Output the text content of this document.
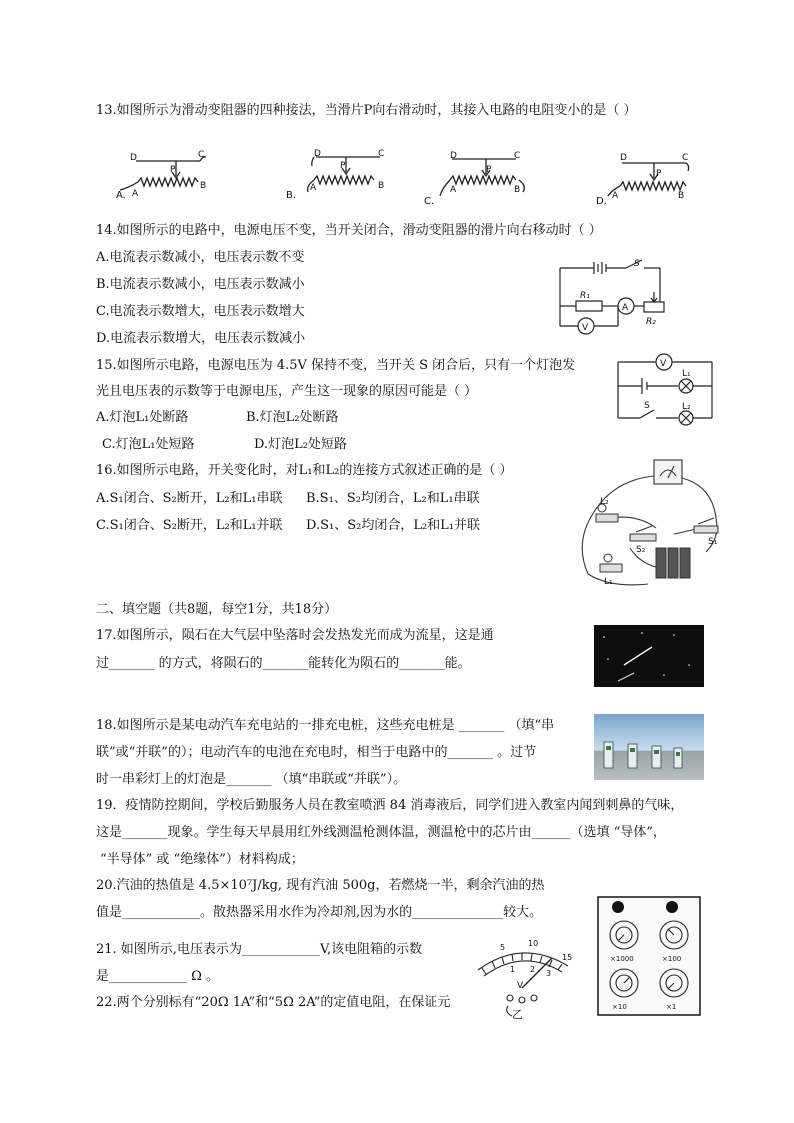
13.如图所示为滑动变阻器的四种接法，当滑片P向右滑动时，其接入电路的电阻变小的是（ ）
D	C
P
A
B
D	C
P
A	B
D	C
P
A	B
D	C
P
A	B
A.	B.
C.	D.
14.如图所示的电路中，电源电压不变，当开关闭合，滑动变阻器的滑片向右移动时（ ）
A.电流表示数减小，电压表示数不变
B.电流表示数减小，电压表示数减小
C.电流表示数增大，电压表示数增大
D.电流表示数增大，电压表示数减小
S
R₁
R₂
A
V
15.如图所示电路，电源电压为 4.5V 保持不变，当开关 S 闭合后，只有一个灯泡发
光且电压表的示数等于电源电压，产生这一现象的原因可能是（ ）
A.灯泡L₁处断路	B.灯泡L₂处断路
C.灯泡L₁处短路	D.灯泡L₂处短路
V
L₁
S	L₂
16.如图所示电路，开关变化时，对L₁和L₂的连接方式叙述正确的是（ ）
A.S₁闭合、S₂断开，L₂和L₁串联 B.S₁、S₂均闭合，L₂和L₁串联
C.S₁闭合、S₂断开，L₂和L₁并联 D.S₁、S₂均闭合，L₂和L₁并联
L₂
S₂
S₁
L₁
二、填空题（共8题，每空1分，共18分）
17.如图所示，陨石在大气层中坠落时会发热发光而成为流星，这是通
过_______ 的方式，将陨石的_______能转化为陨石的_______能。
18.如图所示是某电动汽车充电站的一排充电桩，这些充电桩是 _______ （填“串
联”或“并联”的）；电动汽车的电池在充电时，相当于电路中的_______ 。过节
时一串彩灯上的灯泡是_______ （填“串联或“并联”）。
19．疫情防控期间，学校后勤服务人员在教室喷洒 84 消毒液后，同学们进入教室内闻到刺鼻的气味，
这是_______现象。学生每天早晨用红外线测温枪测体温，测温枪中的芯片由______（选填 “导体”，
“半导体” 或 “绝缘体”）材料构成；
20.汽油的热值是 4.5×10⁷J/kg, 现有汽油 500g，若燃烧一半，剩余汽油的热
值是____________。散热器采用水作为冷却剂,因为水的______________较大。
21. 如图所示,电压表示为____________V,该电阻箱的示数
是____________ Ω 。
5	10
15
1 2 3
V
乙
×1000	×100
×10	×1
22.两个分别标有“20Ω 1A”和“5Ω 2A”的定值电阻，在保证元
